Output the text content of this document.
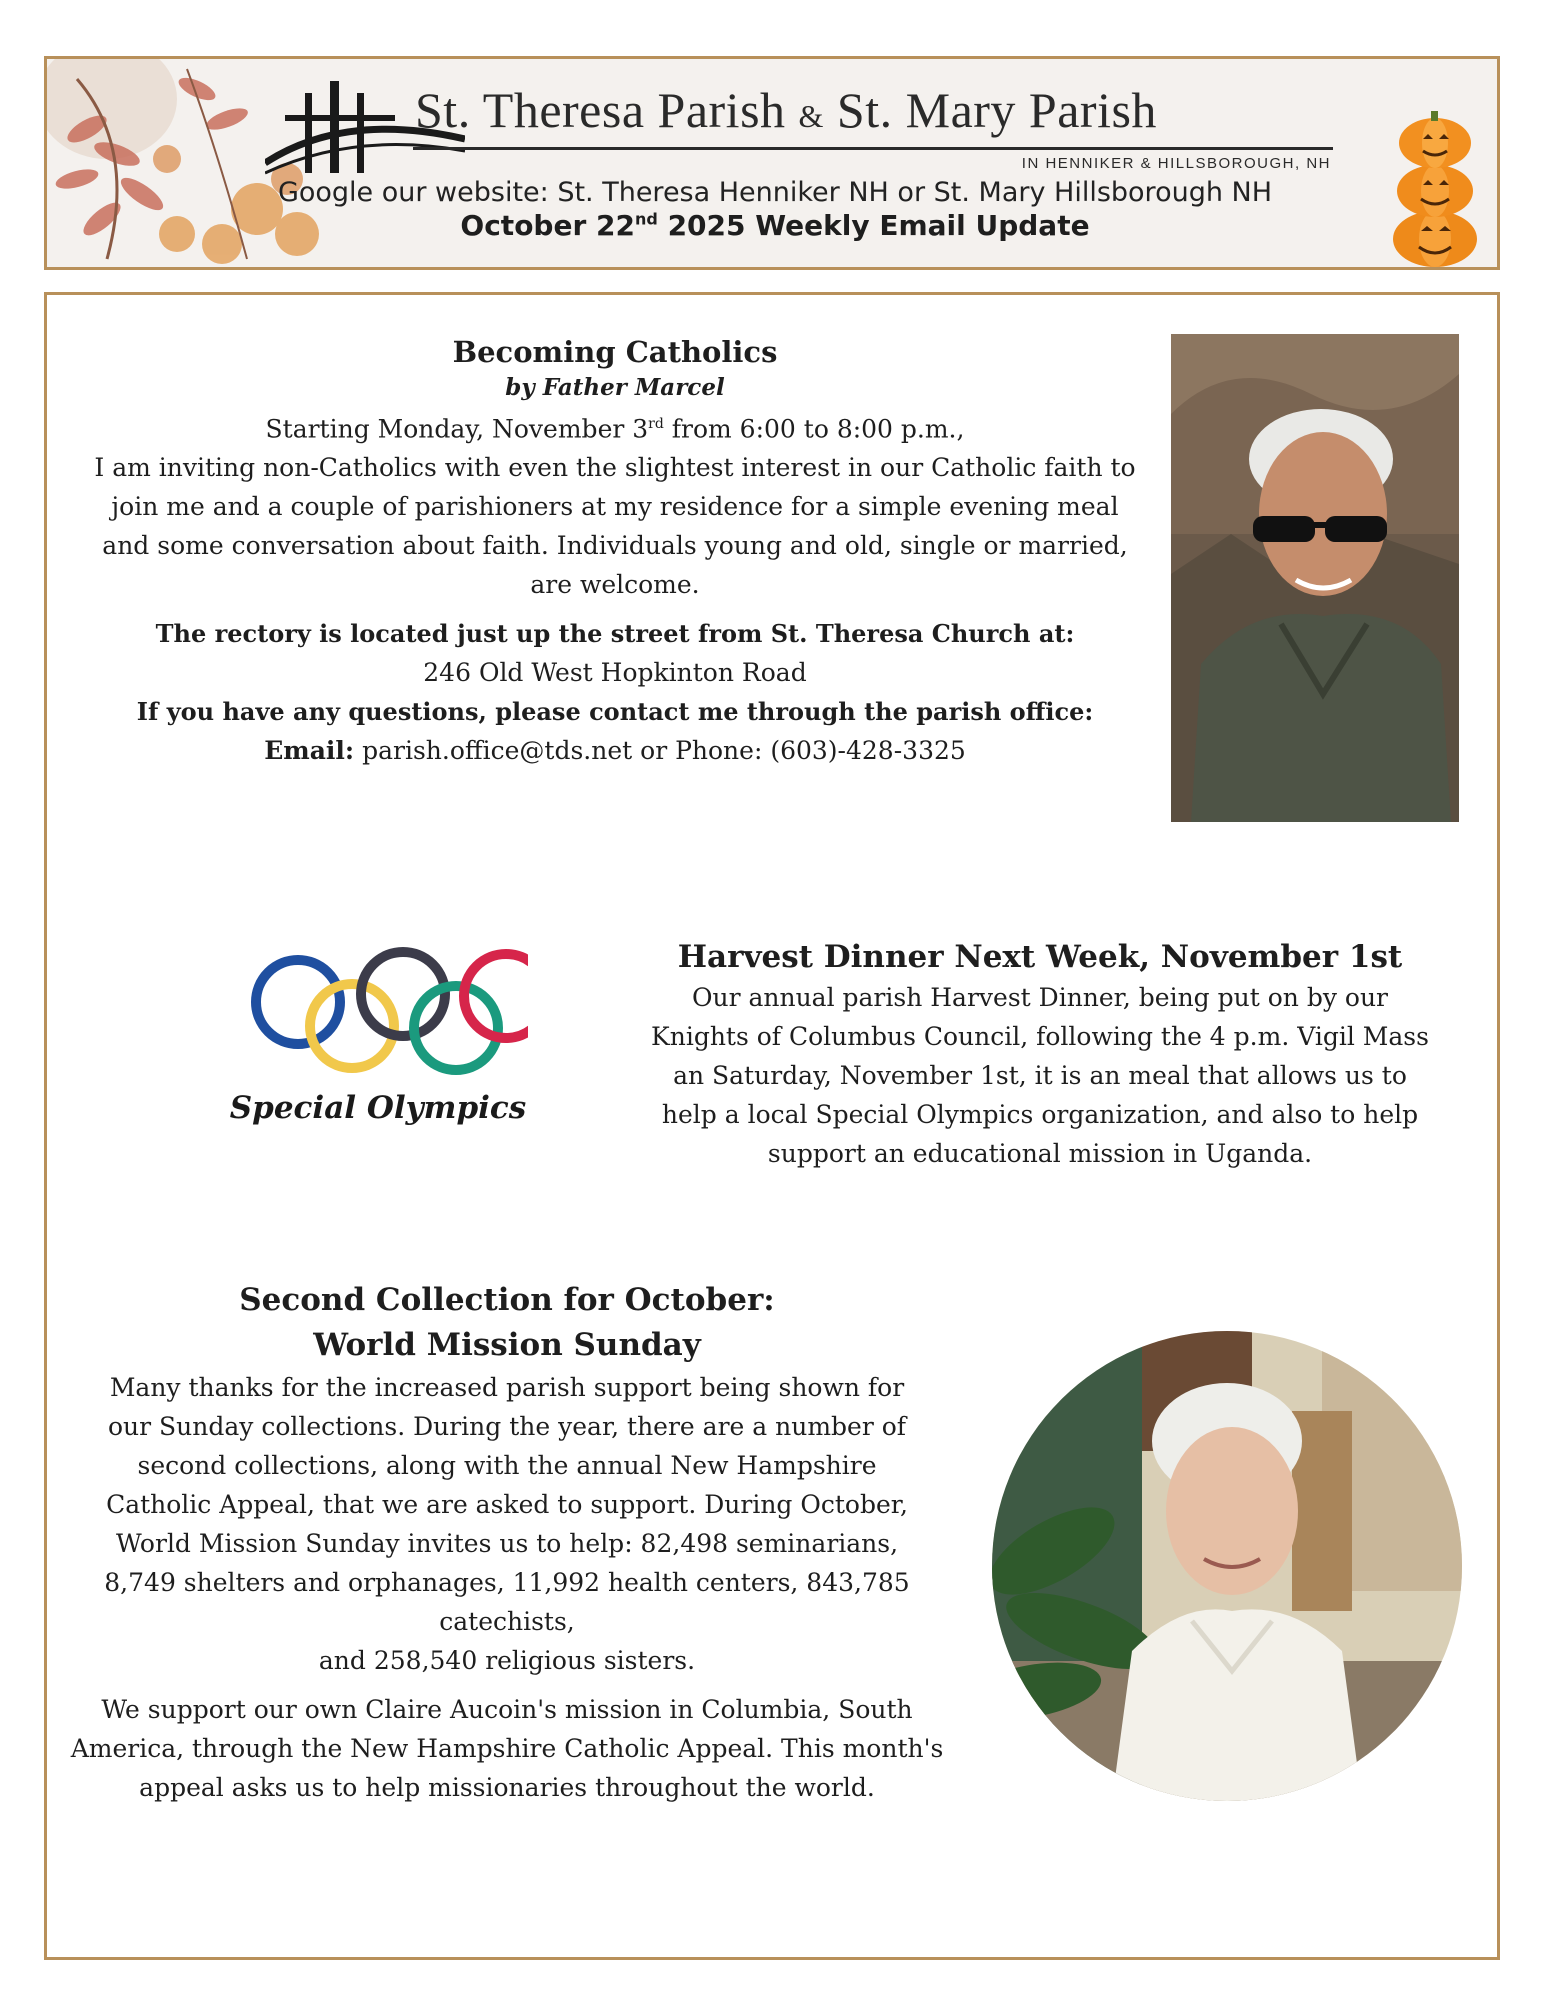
St. Theresa Parish & St. Mary Parish
IN HENNIKER & HILLSBOROUGH, NH
Google our website: St. Theresa Henniker NH or St. Mary Hillsborough NH
October 22nd 2025 Weekly Email Update

Becoming Catholics

by Father Marcel

Starting Monday, November 3rd from 6:00 to 8:00 p.m.,

I am inviting non-Catholics with even the slightest interest in our Catholic faith to join me and a couple of parishioners at my residence for a simple evening meal and some conversation about faith. Individuals young and old, single or married, are welcome.

The rectory is located just up the street from St. Theresa Church at:

246 Old West Hopkinton Road

If you have any questions, please contact me through the parish office:

Email: parish.office@tds.net or Phone: (603)-428-3325

Special Olympics

Harvest Dinner Next Week, November 1st

Our annual parish Harvest Dinner, being put on by our Knights of Columbus Council, following the 4 p.m. Vigil Mass an Saturday, November 1st, it is an meal that allows us to help a local Special Olympics organization, and also to help support an educational mission in Uganda.

Second Collection for October:

World Mission Sunday

Many thanks for the increased parish support being shown for our Sunday collections. During the year, there are a number of second collections, along with the annual New Hampshire Catholic Appeal, that we are asked to support. During October, World Mission Sunday invites us to help: 82,498 seminarians, 8,749 shelters and orphanages, 11,992 health centers, 843,785 catechists,

and 258,540 religious sisters.

We support our own Claire Aucoin's mission in Columbia, South America, through the New Hampshire Catholic Appeal. This month's appeal asks us to help missionaries throughout the world.
